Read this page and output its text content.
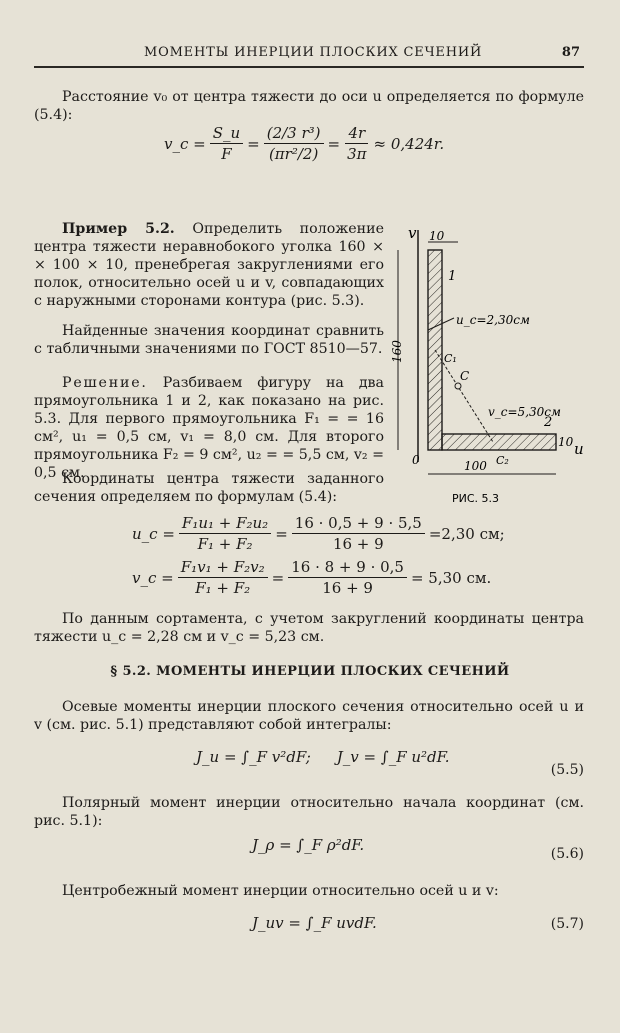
МОМЕНТЫ ИНЕРЦИИ ПЛОСКИХ СЕЧЕНИЙ	87

Расстояние v₀ от центра тяжести до оси u определяется по формуле (5.4):

v_c = $\frac{S\_u}{F} = \frac{\text{(2/3 r³)}}{\text{(πr²/2)}} = \frac{4r}{3\pi} \approx 0,424r$.

Пример 5.2. Определить положение центра тяжести неравнобокого уголка 160 × × 100 × 10, пренебрегая закруглениями его полок, относительно осей u и v, совпадающих с наружными сторонами контура (рис. 5.3).

Найденные значения координат сравнить с табличными значениями по ГОСТ 8510—57.

Решение. Разбиваем фигуру на два прямоугольника 1 и 2, как показано на рис. 5.3. Для первого прямоугольника F₁ = = 16 см², u₁ = 0,5 см, v₁ = 8,0 см. Для второго прямоугольника F₂ = 9 см², u₂ = = 5,5 см, v₂ = 0,5 см.

Координаты центра тяжести заданного сечения определяем по формулам (5.4):

v 10
160
u_c=2,30см
1
2
C
C₁
C₂
v_c=5,30см
10 u
0	100
РИС. 5.3
u_c = $\frac{\text{F₁u₁ + F₂u₂}}{\text{F₁ + F₂}} = \frac{16 \cdot 0,5 + 9 \cdot 5,5}{16 + 9} =2,30$ см;
v_c = $\frac{\text{F₁v₁ + F₂v₂}}{\text{F₁ + F₂}} = \frac{16 \cdot 8 + 9 \cdot 0,5}{16 + 9} = 5,30$ см.

По данным сортамента, с учетом закруглений координаты центра тяжести u_c = 2,28 см и v_c = 5,23 см.

§ 5.2. МОМЕНТЫ ИНЕРЦИИ ПЛОСКИХ СЕЧЕНИЙ

Осевые моменты инерции плоского сечения относительно осей u и v (см. рис. 5.1) представляют собой интегралы:

J_u = ∫_F v²dF; J_v = ∫_F u²dF.
(5.5)

Полярный момент инерции относительно начала координат (см. рис. 5.1):

J_ρ = ∫_F ρ²dF.	(5.6)

Центробежный момент инерции относительно осей u и v:

J_uv = ∫_F uvdF.	(5.7)
